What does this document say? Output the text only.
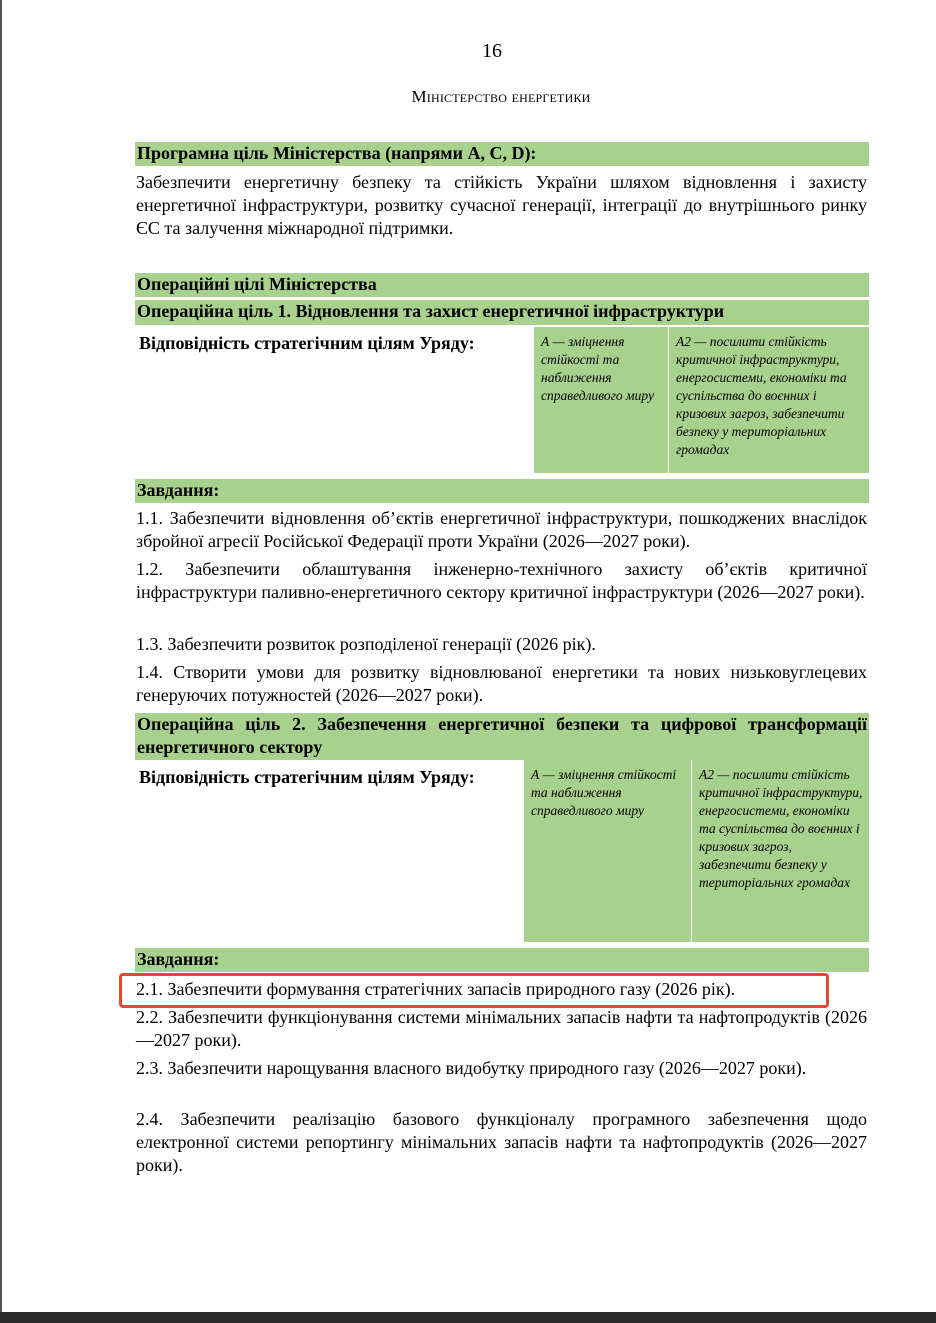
16
Міністерство енергетики
Програмна ціль Міністерства (напрями А, С, D):
Забезпечити енергетичну безпеку та стійкість України шляхом відновлення і захисту енергетичної інфраструктури, розвитку сучасної генерації, інтеграції до внутрішнього ринку ЄС та залучення міжнародної підтримки.
Операційні цілі Міністерства
Операційна ціль 1. Відновлення та захист енергетичної інфраструктури
Відповідність стратегічним цілям Уряду:	А — зміцнення стійкості та наближення справедливого миру
А2 — посилити стійкість критичної інфраструктури, енергосистеми, економіки та суспільства до воєнних і кризових загроз, забезпечити безпеку у територіальних громадах
Завдання:
1.1. Забезпечити відновлення об’єктів енергетичної інфраструктури, пошкоджених внаслідок збройної агресії Російської Федерації проти України (2026—2027 роки).
1.2. Забезпечити облаштування інженерно-технічного захисту об’єктів критичної інфраструктури паливно-енергетичного сектору критичної інфраструктури (2026—2027 роки).
1.3. Забезпечити розвиток розподіленої генерації (2026 рік).
1.4. Створити умови для розвитку відновлюваної енергетики та нових низьковуглецевих генеруючих потужностей (2026—2027 роки).
Операційна ціль 2. Забезпечення енергетичної безпеки та цифрової трансформації енергетичного сектору
Відповідність стратегічним цілям Уряду:	А — зміцнення стійкості та наближення справедливого миру
А2 — посилити стійкість критичної інфраструктури, енергосистеми, економіки та суспільства до воєнних і кризових загроз, забезпечити безпеку у територіальних громадах
Завдання:
2.1. Забезпечити формування стратегічних запасів природного газу (2026 рік).
2.2. Забезпечити функціонування системи мінімальних запасів нафти та нафтопродуктів (2026—2027 роки).
2.3. Забезпечити нарощування власного видобутку природного газу (2026—2027 роки).
2.4. Забезпечити реалізацію базового функціоналу програмного забезпечення щодо електронної системи репортингу мінімальних запасів нафти та нафтопродуктів (2026—2027 роки).
